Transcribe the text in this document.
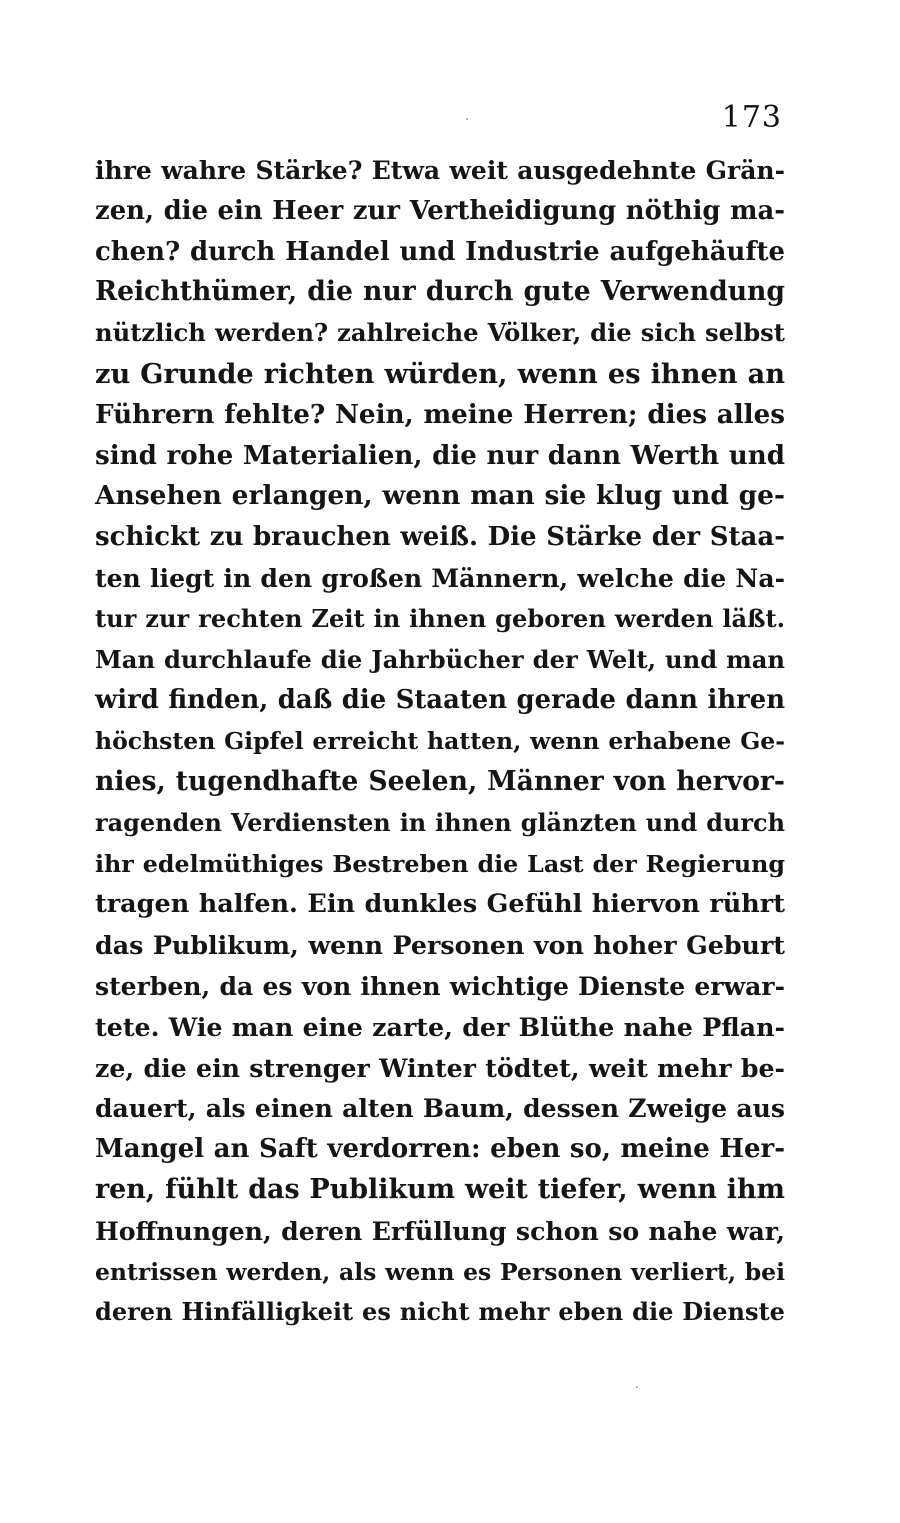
173
ihre wahre Stärke? Etwa weit ausgedehnte Grän-
zen, die ein Heer zur Vertheidigung nöthig ma-
chen? durch Handel und Industrie aufgehäufte
Reichthümer, die nur durch gute Verwendung
nützlich werden? zahlreiche Völker, die sich selbst
zu Grunde richten würden, wenn es ihnen an
Führern fehlte? Nein, meine Herren; dies alles
sind rohe Materialien, die nur dann Werth und
Ansehen erlangen, wenn man sie klug und ge-
schickt zu brauchen weiß. Die Stärke der Staa-
ten liegt in den großen Männern, welche die Na-
tur zur rechten Zeit in ihnen geboren werden läßt.
Man durchlaufe die Jahrbücher der Welt, und man
wird finden, daß die Staaten gerade dann ihren
höchsten Gipfel erreicht hatten, wenn erhabene Ge-
nies, tugendhafte Seelen, Männer von hervor-
ragenden Verdiensten in ihnen glänzten und durch
ihr edelmüthiges Bestreben die Last der Regierung
tragen halfen. Ein dunkles Gefühl hiervon rührt
das Publikum, wenn Personen von hoher Geburt
sterben, da es von ihnen wichtige Dienste erwar-
tete. Wie man eine zarte, der Blüthe nahe Pflan-
ze, die ein strenger Winter tödtet, weit mehr be-
dauert, als einen alten Baum, dessen Zweige aus
Mangel an Saft verdorren: eben so, meine Her-
ren, fühlt das Publikum weit tiefer, wenn ihm
Hoffnungen, deren Erfüllung schon so nahe war,
entrissen werden, als wenn es Personen verliert, bei
deren Hinfälligkeit es nicht mehr eben die Dienste
